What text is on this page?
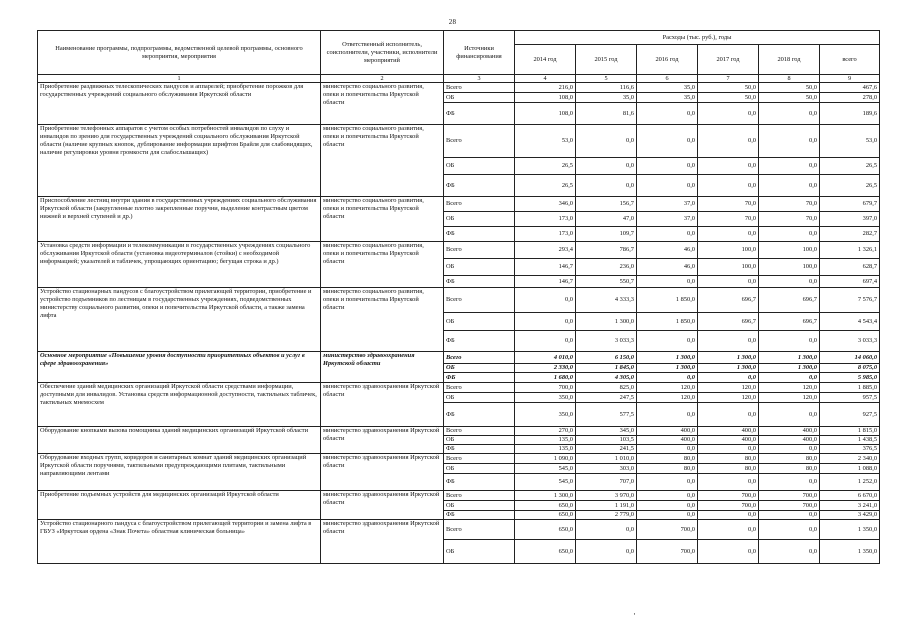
28
Наименование программы, подпрограммы, ведомственной целевой программы, основного мероприятия, мероприятия	Ответственный исполнитель, соисполнители, участники, исполнители мероприятий	Источники финансирования	Расходы (тыс. руб.), годы					
			2014 год	2015 год	2016 год	2017 год	2018 год	всего
1	2	3	4	5	6	7	8	9
Приобретение раздвижных телескопических пандусов и аппарелей; приобретение порожков для государственных учреждений социального обслуживания Иркутской области	министерство социального развития, опеки и попечительства Иркутской области	Всего	216,0	116,6	35,0	50,0	50,0	467,6
		ОБ	108,0	35,0	35,0	50,0	50,0	278,0
		ФБ	108,0	81,6	0,0	0,0	0,0	189,6
Приобретение телефонных аппаратов с учетом особых потребностей инвалидов по слуху и инвалидов по зрению для государственных учреждений социального обслуживания Иркутской области (наличие крупных кнопок, дублирование информации шрифтом Брайля для слабовидящих, наличие регулировки уровня громкости для слабослышащих)	министерство социального развития, опеки и попечительства Иркутской области	Всего	53,0	0,0	0,0	0,0	0,0	53,0
		ОБ	26,5	0,0	0,0	0,0	0,0	26,5
		ФБ	26,5	0,0	0,0	0,0	0,0	26,5
Приспособление лестниц внутри здания в государственных учреждениях социального обслуживания Иркутской области (закругленные плотно закрепленные поручни, выделение контрастным цветом нижней и верхней ступеней и др.)	министерство социального развития, опеки и попечительства Иркутской области	Всего	346,0	156,7	37,0	70,0	70,0	679,7
		ОБ	173,0	47,0	37,0	70,0	70,0	397,0
		ФБ	173,0	109,7	0,0	0,0	0,0	282,7
Установка средств информации и телекоммуникации в государственных учреждениях социального обслуживания Иркутской области (установка видеотерминалов (стойки) с необходимой информацией; указателей и табличек, упрощающих ориентацию; бегущая строка и др.)	министерство социального развития, опеки и попечительства Иркутской области	Всего	293,4	786,7	46,0	100,0	100,0	1 326,1
		ОБ	146,7	236,0	46,0	100,0	100,0	628,7
		ФБ	146,7	550,7	0,0	0,0	0,0	697,4
Устройство стационарных пандусов с благоустройством прилегающей территории, приобретение и устройство подъемников по лестницам в государственных учреждениях, подведомственных министерству социального развития, опеки и попечительства Иркутской области, а также замена лифта	министерство социального развития, опеки и попечительства Иркутской области	Всего	0,0	4 333,3	1 850,0	696,7	696,7	7 576,7
		ОБ	0,0	1 300,0	1 850,0	696,7	696,7	4 543,4
		ФБ	0,0	3 033,3	0,0	0,0	0,0	3 033,3
Основное мероприятие «Повышение уровня доступности приоритетных объектов и услуг в сфере здравоохранения»	министерство здравоохранения Иркутской области	Всего	4 010,0	6 150,0	1 300,0	1 300,0	1 300,0	14 060,0
		ОБ	2 330,0	1 845,0	1 300,0	1 300,0	1 300,0	8 075,0
		ФБ	1 680,0	4 305,0	0,0	0,0	0,0	5 985,0
Обеспечение зданий медицинских организаций Иркутской области средствами информации, доступными для инвалидов. Установка средств информационной доступности, тактильных табличек, тактильных мнемосхем	министерство здравоохранения Иркутской области	Всего	700,0	825,0	120,0	120,0	120,0	1 885,0
		ОБ	350,0	247,5	120,0	120,0	120,0	957,5
		ФБ	350,0	577,5	0,0	0,0	0,0	927,5
Оборудование кнопками вызова помощника зданий медицинских организаций Иркутской области	министерство здравоохранения Иркутской области	Всего	270,0	345,0	400,0	400,0	400,0	1 815,0
		ОБ	135,0	103,5	400,0	400,0	400,0	1 438,5
		ФБ	135,0	241,5	0,0	0,0	0,0	376,5
Оборудование входных групп, коридоров и санитарных комнат зданий медицинских организаций Иркутской области поручнями, тактильными предупреждающими плитами, тактильными направляющими лентами	министерство здравоохранения Иркутской области	Всего	1 090,0	1 010,0	80,0	80,0	80,0	2 340,0
		ОБ	545,0	303,0	80,0	80,0	80,0	1 088,0
		ФБ	545,0	707,0	0,0	0,0	0,0	1 252,0
Приобретение подъемных устройств для медицинских организаций Иркутской области	министерство здравоохранения Иркутской области	Всего	1 300,0	3 970,0	0,0	700,0	700,0	6 670,0
		ОБ	650,0	1 191,0	0,0	700,0	700,0	3 241,0
		ФБ	650,0	2 779,0	0,0	0,0	0,0	3 429,0
Устройство стационарного пандуса с благоустройством прилегающей территории и замена лифта в ГБУЗ «Иркутская ордена «Знак Почета» областная клиническая больница»	министерство здравоохранения Иркутской области	Всего	650,0	0,0	700,0	0,0	0,0	1 350,0
		ОБ	650,0	0,0	700,0	0,0	0,0	1 350,0
·
